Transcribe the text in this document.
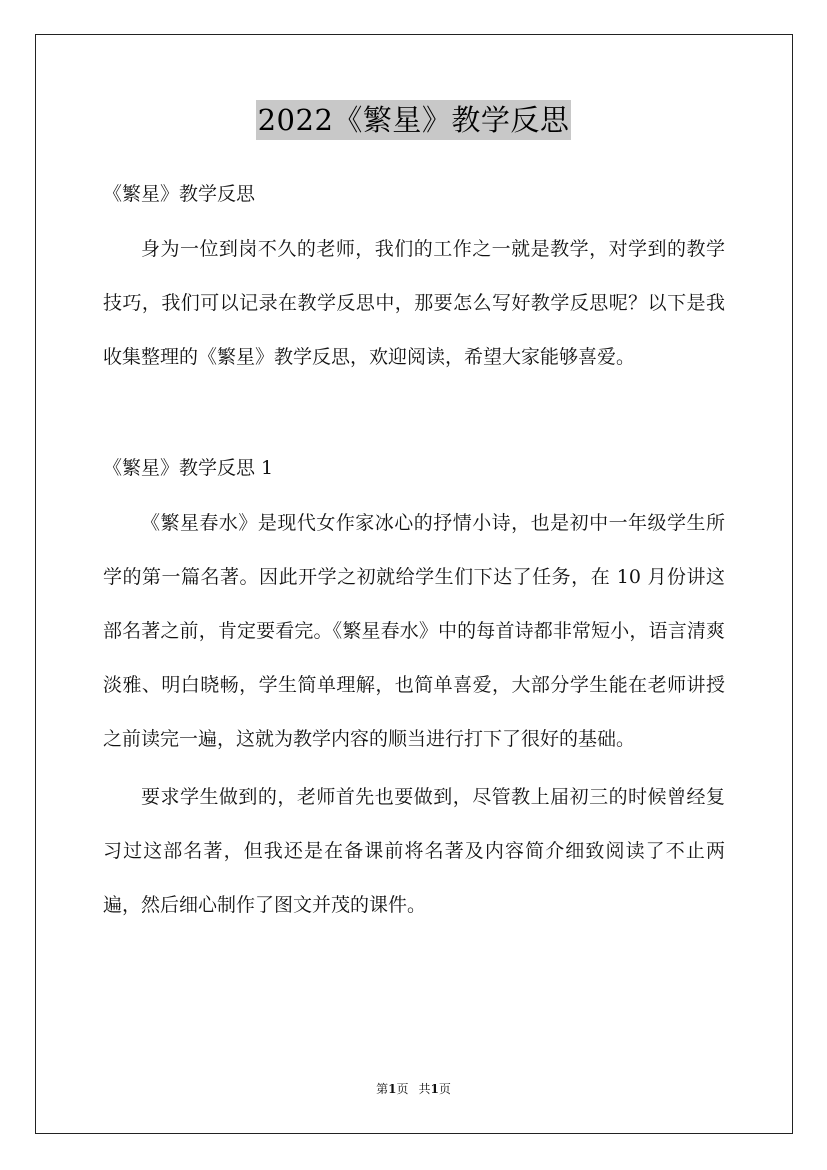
2022《繁星》教学反思

《繁星》教学反思

身为一位到岗不久的老师，我们的工作之一就是教学，对学到的教学技巧，我们可以记录在教学反思中，那要怎么写好教学反思呢？以下是我收集整理的《繁星》教学反思，欢迎阅读，希望大家能够喜爱。

《繁星》教学反思 1

《繁星春水》是现代女作家冰心的抒情小诗，也是初中一年级学生所学的第一篇名著。因此开学之初就给学生们下达了任务，在 10 月份讲这部名著之前，肯定要看完。《繁星春水》中的每首诗都非常短小，语言清爽淡雅、明白晓畅，学生简单理解，也简单喜爱，大部分学生能在老师讲授之前读完一遍，这就为教学内容的顺当进行打下了很好的基础。

要求学生做到的，老师首先也要做到，尽管教上届初三的时候曾经复习过这部名著，但我还是在备课前将名著及内容简介细致阅读了不止两遍，然后细心制作了图文并茂的课件。

第1页 共1页
